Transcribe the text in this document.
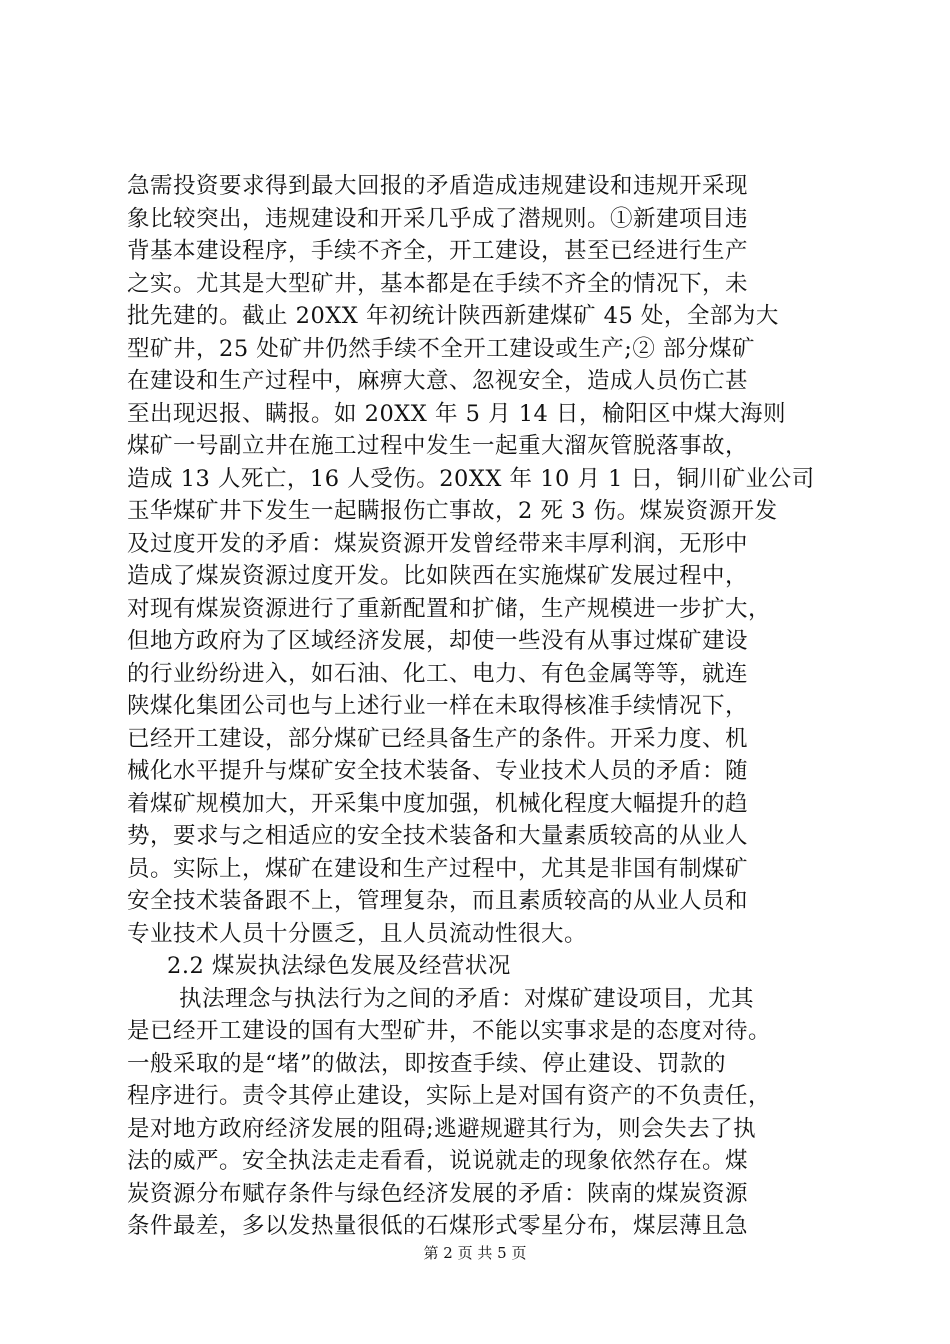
急需投资要求得到最大回报的矛盾造成违规建设和违规开采现
象比较突出，违规建设和开采几乎成了潜规则。①新建项目违
背基本建设程序，手续不齐全，开工建设，甚至已经进行生产
之实。尤其是大型矿井，基本都是在手续不齐全的情况下，未
批先建的。截止 20XX 年初统计陕西新建煤矿 45 处，全部为大
型矿井，25 处矿井仍然手续不全开工建设或生产;② 部分煤矿
在建设和生产过程中，麻痹大意、忽视安全，造成人员伤亡甚
至出现迟报、瞒报。如 20XX 年 5 月 14 日，榆阳区中煤大海则
煤矿一号副立井在施工过程中发生一起重大溜灰管脱落事故，
造成 13 人死亡，16 人受伤。20XX 年 10 月 1 日，铜川矿业公司
玉华煤矿井下发生一起瞒报伤亡事故，2 死 3 伤。煤炭资源开发
及过度开发的矛盾：煤炭资源开发曾经带来丰厚利润，无形中
造成了煤炭资源过度开发。比如陕西在实施煤矿发展过程中，
对现有煤炭资源进行了重新配置和扩储，生产规模进一步扩大，
但地方政府为了区域经济发展，却使一些没有从事过煤矿建设
的行业纷纷进入，如石油、化工、电力、有色金属等等，就连
陕煤化集团公司也与上述行业一样在未取得核准手续情况下，
已经开工建设，部分煤矿已经具备生产的条件。开采力度、机
械化水平提升与煤矿安全技术装备、专业技术人员的矛盾：随
着煤矿规模加大，开采集中度加强，机械化程度大幅提升的趋
势，要求与之相适应的安全技术装备和大量素质较高的从业人
员。实际上，煤矿在建设和生产过程中，尤其是非国有制煤矿
安全技术装备跟不上，管理复杂，而且素质较高的从业人员和
专业技术人员十分匮乏，且人员流动性很大。
2.2 煤炭执法绿色发展及经营状况
执法理念与执法行为之间的矛盾：对煤矿建设项目，尤其
是已经开工建设的国有大型矿井，不能以实事求是的态度对待。
一般采取的是“堵”的做法，即按查手续、停止建设、罚款的
程序进行。责令其停止建设，实际上是对国有资产的不负责任，
是对地方政府经济发展的阻碍;逃避规避其行为，则会失去了执
法的威严。安全执法走走看看，说说就走的现象依然存在。煤
炭资源分布赋存条件与绿色经济发展的矛盾：陕南的煤炭资源
条件最差，多以发热量很低的石煤形式零星分布，煤层薄且急
第 2 页 共 5 页
